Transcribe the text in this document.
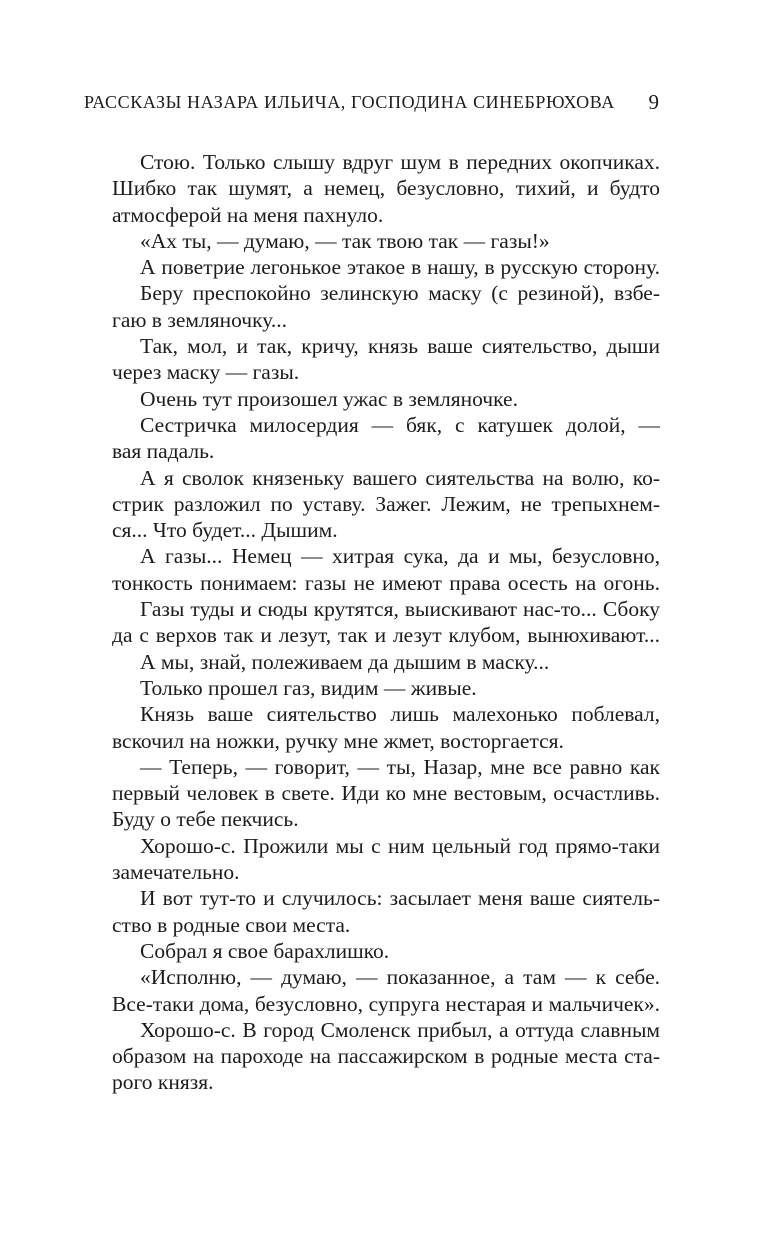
РАССКАЗЫ НАЗАРА ИЛЬИЧА, ГОСПОДИНА СИНЕБРЮХОВА 9
Стою. Только слышу вдруг шум в передних окопчиках.
Шибко так шумят, а немец, безусловно, тихий, и будто
атмосферой на меня пахнуло.
«Ах ты, — думаю, — так твою так — газы!»
А поветрие легонькое этакое в нашу, в русскую сторону.
Беру преспокойно зелинскую маску (с резиной), взбе-
гаю в земляночку...
Так, мол, и так, кричу, князь ваше сиятельство, дыши
через маску — газы.
Очень тут произошел ужас в земляночке.
Сестричка милосердия — бяк, с катушек долой, —
вая падаль.
А я сволок князеньку вашего сиятельства на волю, ко-
стрик разложил по уставу. Зажег. Лежим, не трепыхнем-
ся... Что будет... Дышим.
А газы... Немец — хитрая сука, да и мы, безусловно,
тонкость понимаем: газы не имеют права осесть на огонь.
Газы туды и сюды крутятся, выискивают нас-то... Сбоку
да с верхов так и лезут, так и лезут клубом, вынюхивают...
А мы, знай, полеживаем да дышим в маску...
Только прошел газ, видим — живые.
Князь ваше сиятельство лишь малехонько поблевал,
вскочил на ножки, ручку мне жмет, восторгается.
— Теперь, — говорит, — ты, Назар, мне все равно как
первый человек в свете. Иди ко мне вестовым, осчастливь.
Буду о тебе пекчись.
Хорошо-с. Прожили мы с ним цельный год прямо-таки
замечательно.
И вот тут-то и случилось: засылает меня ваше сиятель-
ство в родные свои места.
Собрал я свое барахлишко.
«Исполню, — думаю, — показанное, а там — к себе.
Все-таки дома, безусловно, супруга нестарая и мальчичек».
Хорошо-с. В город Смоленск прибыл, а оттуда славным
образом на пароходе на пассажирском в родные места ста-
рого князя.
